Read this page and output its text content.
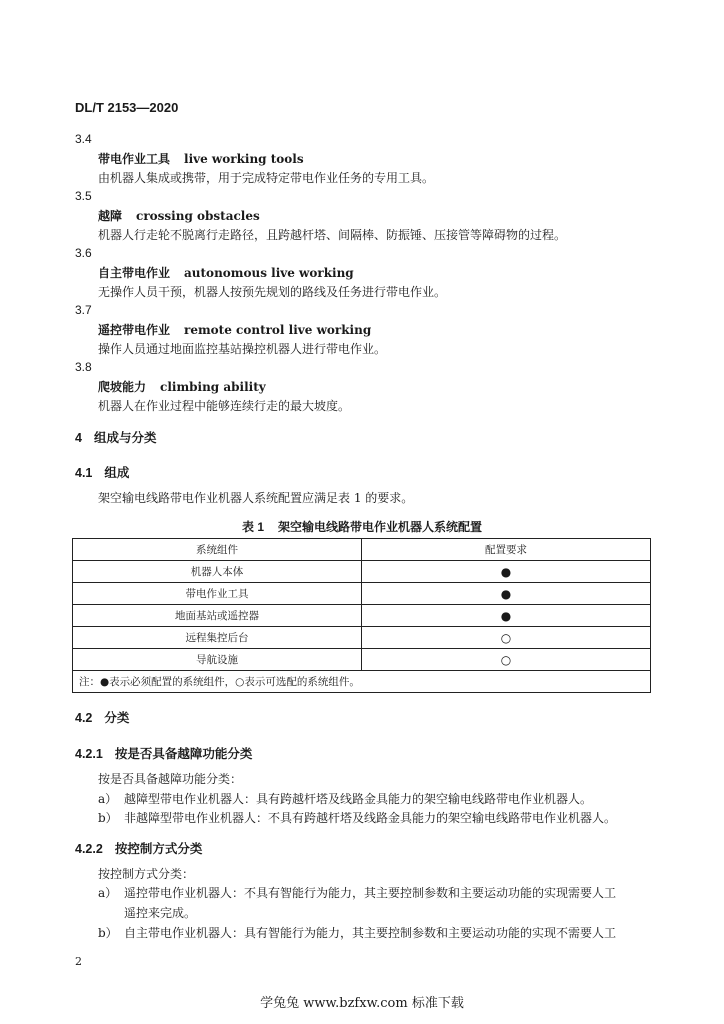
DL/T 2153—2020
3.4
带电作业工具 live working tools
由机器人集成或携带，用于完成特定带电作业任务的专用工具。
3.5
越障 crossing obstacles
机器人行走轮不脱离行走路径，且跨越杆塔、间隔棒、防振锤、压接管等障碍物的过程。
3.6
自主带电作业 autonomous live working
无操作人员干预，机器人按预先规划的路线及任务进行带电作业。
3.7
遥控带电作业 remote control live working
操作人员通过地面监控基站操控机器人进行带电作业。
3.8
爬坡能力 climbing ability
机器人在作业过程中能够连续行走的最大坡度。
4 组成与分类
4.1 组成
架空输电线路带电作业机器人系统配置应满足表 1 的要求。
表 1 架空输电线路带电作业机器人系统配置
系统组件	配置要求
机器人本体	●
带电作业工具	●
地面基站或遥控器	●
远程集控后台	○
导航设施	○
注：●表示必须配置的系统组件，○表示可选配的系统组件。	
4.2 分类
4.2.1 按是否具备越障功能分类
按是否具备越障功能分类：
a） 越障型带电作业机器人：具有跨越杆塔及线路金具能力的架空输电线路带电作业机器人。
b） 非越障型带电作业机器人：不具有跨越杆塔及线路金具能力的架空输电线路带电作业机器人。
4.2.2 按控制方式分类
按控制方式分类：
a） 遥控带电作业机器人：不具有智能行为能力，其主要控制参数和主要运动功能的实现需要人工
遥控来完成。
b） 自主带电作业机器人：具有智能行为能力，其主要控制参数和主要运动功能的实现不需要人工
2
学兔兔 www.bzfxw.com 标准下载
